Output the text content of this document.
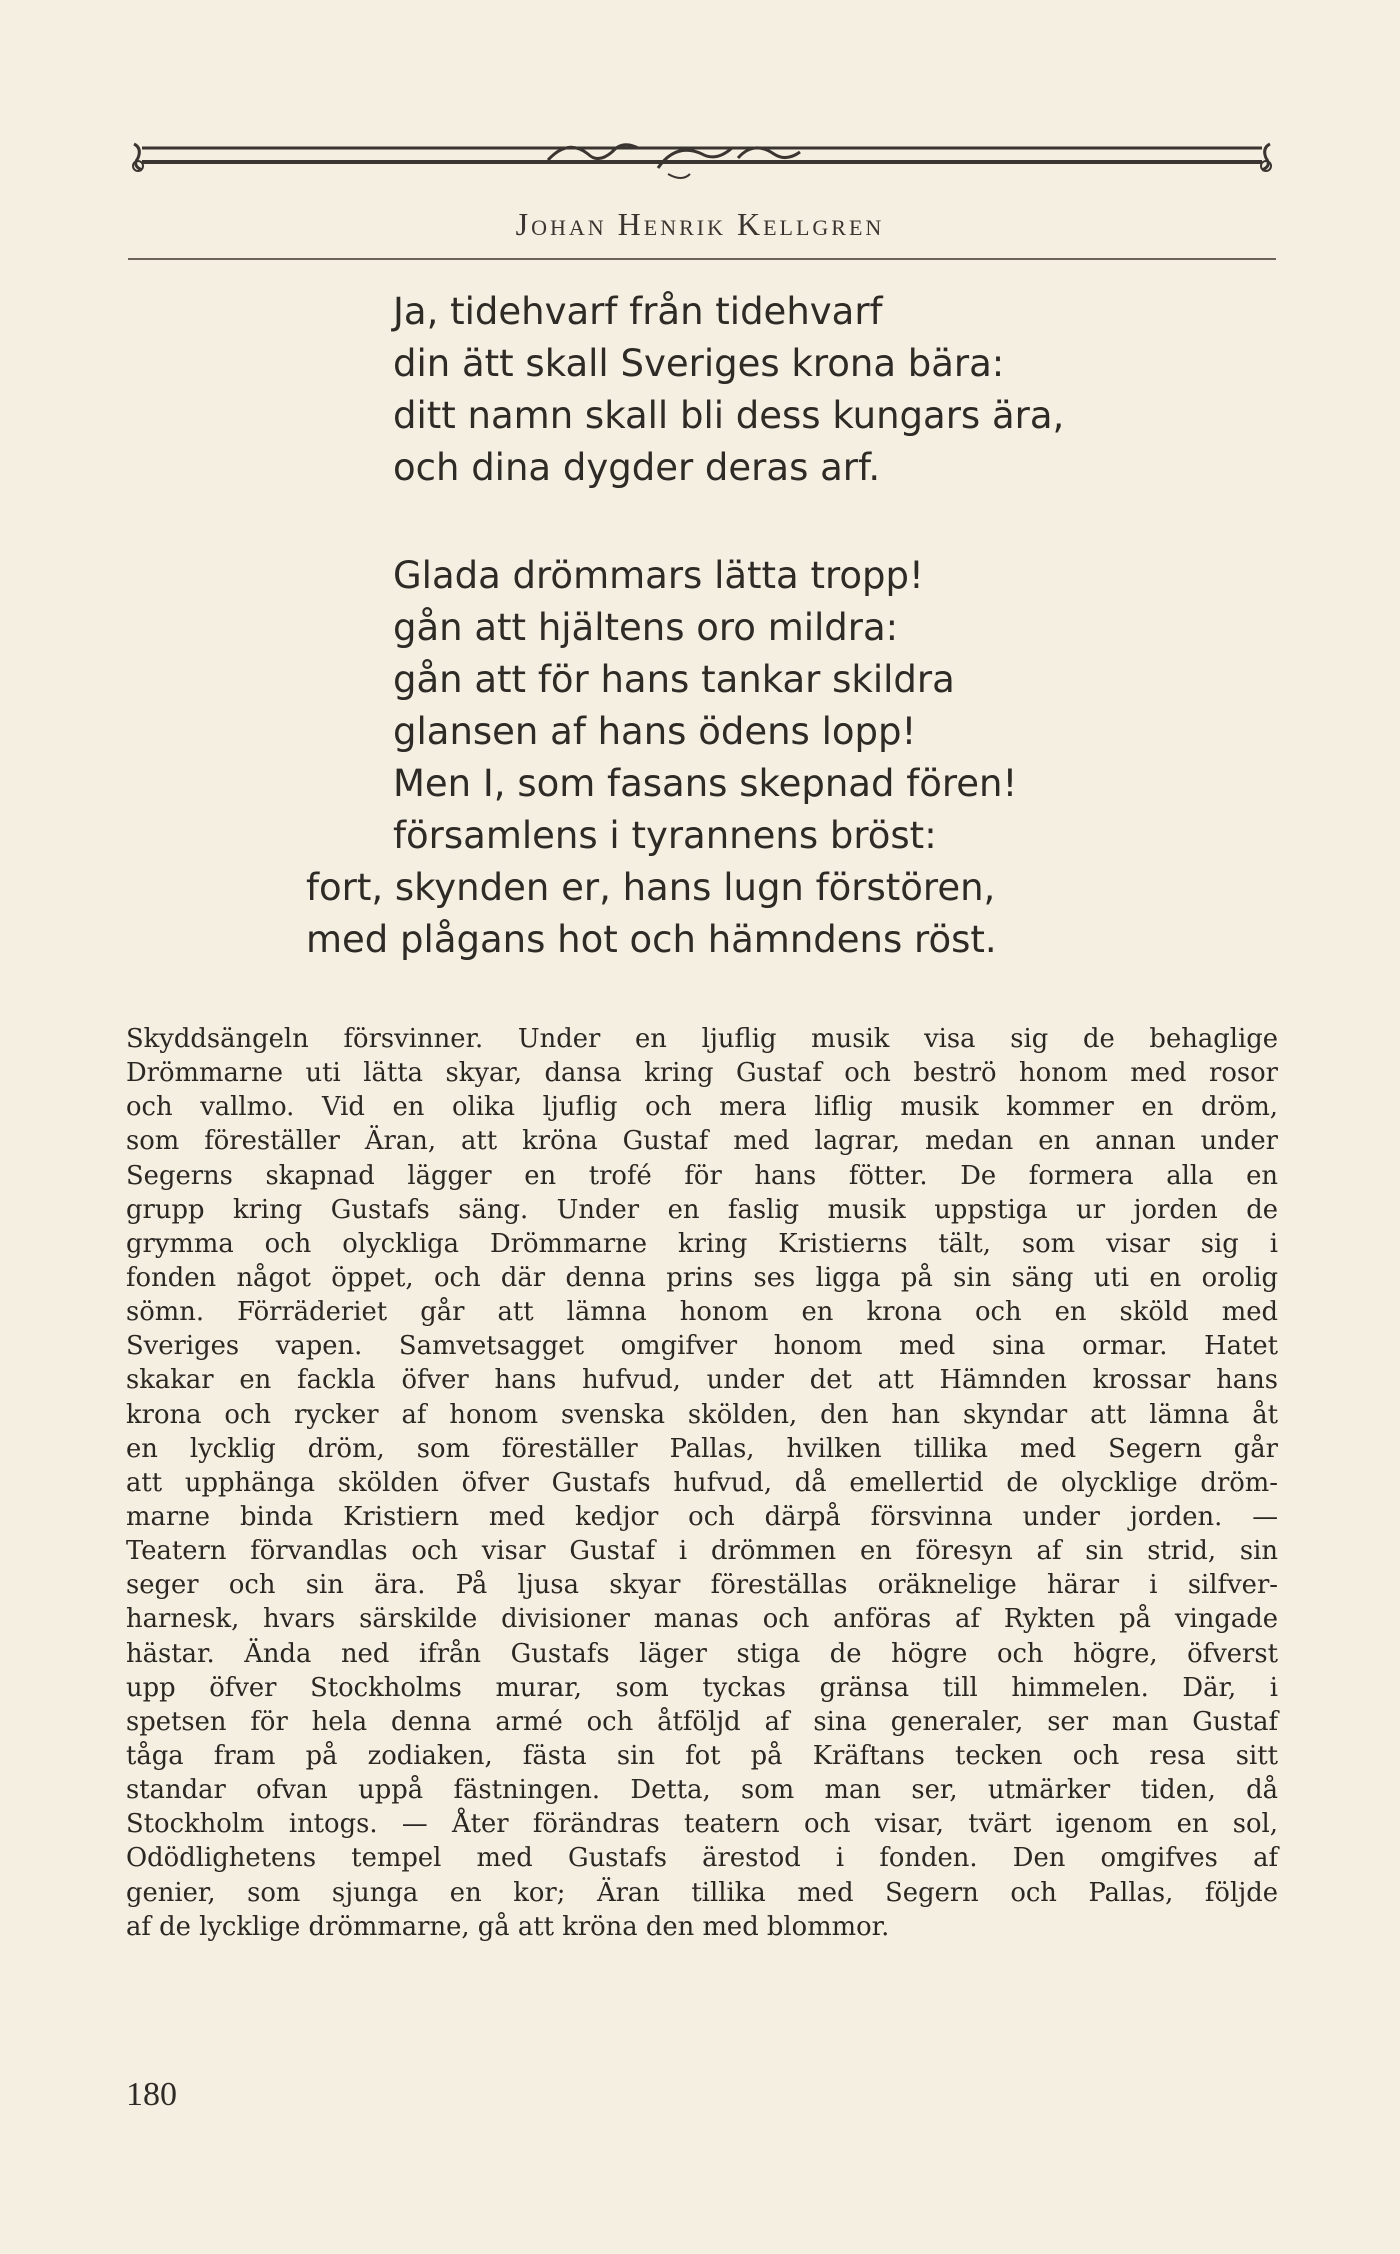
Johan Henrik Kellgren
Ja, tidehvarf från tidehvarf
din ätt skall Sveriges krona bära:
ditt namn skall bli dess kungars ära,
och dina dygder deras arf.
Glada drömmars lätta tropp!
gån att hjältens oro mildra:
gån att för hans tankar skildra
glansen af hans ödens lopp!
Men I, som fasans skepnad fören!
församlens i tyrannens bröst:
fort, skynden er, hans lugn förstören,
med plågans hot och hämndens röst.
Skyddsängeln försvinner. Under en ljuflig musik visa sig de behaglige
Drömmarne uti lätta skyar, dansa kring Gustaf och beströ honom med rosor
och vallmo. Vid en olika ljuflig och mera liflig musik kommer en dröm,
som föreställer Äran, att kröna Gustaf med lagrar, medan en annan under
Segerns skapnad lägger en trofé för hans fötter. De formera alla en
grupp kring Gustafs säng. Under en faslig musik uppstiga ur jorden de
grymma och olyckliga Drömmarne kring Kristierns tält, som visar sig i
fonden något öppet, och där denna prins ses ligga på sin säng uti en orolig
sömn. Förräderiet går att lämna honom en krona och en sköld med
Sveriges vapen. Samvetsagget omgifver honom med sina ormar. Hatet
skakar en fackla öfver hans hufvud, under det att Hämnden krossar hans
krona och rycker af honom svenska skölden, den han skyndar att lämna åt
en lycklig dröm, som föreställer Pallas, hvilken tillika med Segern går
att upphänga skölden öfver Gustafs hufvud, då emellertid de olycklige dröm-
marne binda Kristiern med kedjor och därpå försvinna under jorden. —
Teatern förvandlas och visar Gustaf i drömmen en föresyn af sin strid, sin
seger och sin ära. På ljusa skyar föreställas oräknelige härar i silfver-
harnesk, hvars särskilde divisioner manas och anföras af Rykten på vingade
hästar. Ända ned ifrån Gustafs läger stiga de högre och högre, öfverst
upp öfver Stockholms murar, som tyckas gränsa till himmelen. Där, i
spetsen för hela denna armé och åtföljd af sina generaler, ser man Gustaf
tåga fram på zodiaken, fästa sin fot på Kräftans tecken och resa sitt
standar ofvan uppå fästningen. Detta, som man ser, utmärker tiden, då
Stockholm intogs. — Åter förändras teatern och visar, tvärt igenom en sol,
Odödlighetens tempel med Gustafs ärestod i fonden. Den omgifves af
genier, som sjunga en kor; Äran tillika med Segern och Pallas, följde
af de lycklige drömmarne, gå att kröna den med blommor.
180
